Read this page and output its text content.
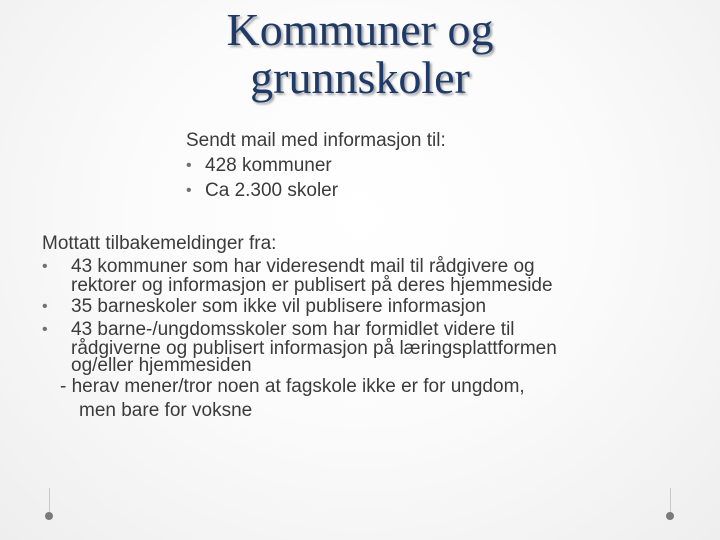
Kommuner og
grunnskoler
Sendt mail med informasjon til:
• 428 kommuner
• Ca 2.300 skoler
Mottatt tilbakemeldinger fra:
• 43 kommuner som har videresendt mail til rådgivere og
rektorer og informasjon er publisert på deres hjemmeside
• 35 barneskoler som ikke vil publisere informasjon
• 43 barne-/ungdomsskoler som har formidlet videre til
rådgiverne og publisert informasjon på læringsplattformen
og/eller hjemmesiden
- herav mener/tror noen at fagskole ikke er for ungdom,
men bare for voksne
